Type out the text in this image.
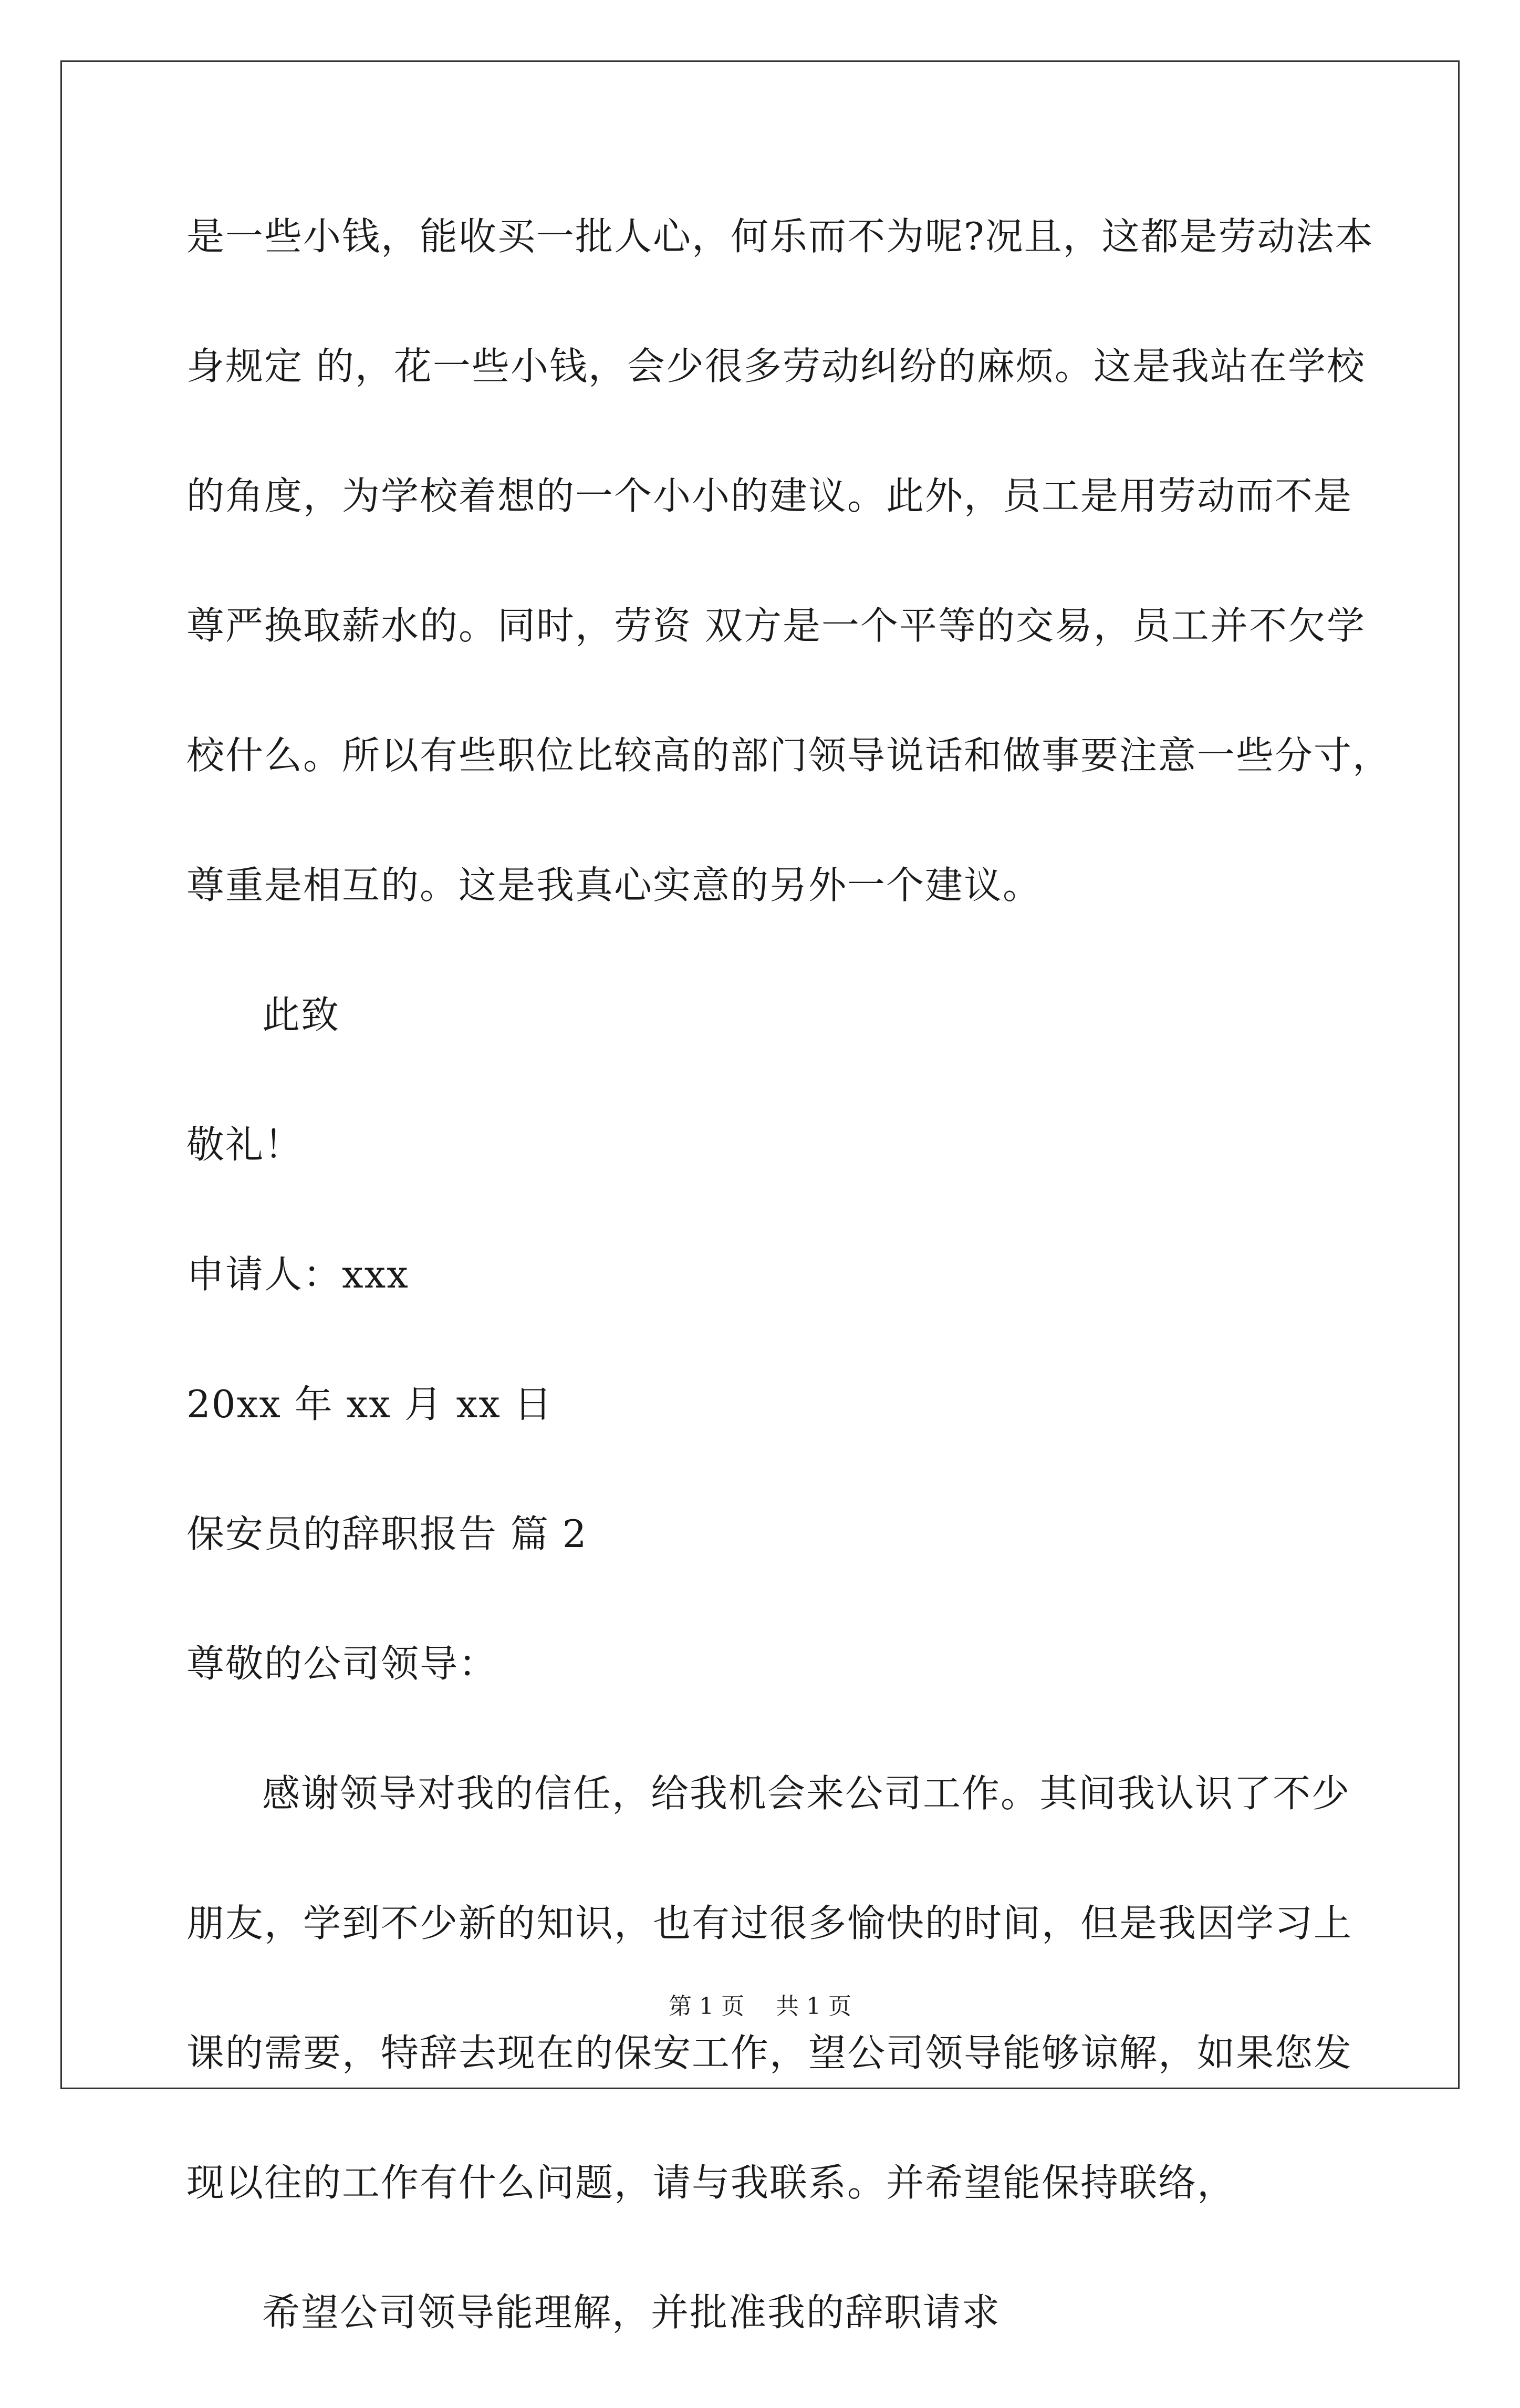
是一些小钱，能收买一批人心，何乐而不为呢?况且，这都是劳动法本
身规定 的，花一些小钱，会少很多劳动纠纷的麻烦。这是我站在学校
的角度，为学校着想的一个小小的建议。此外，员工是用劳动而不是
尊严换取薪水的。同时，劳资 双方是一个平等的交易，员工并不欠学
校什么。所以有些职位比较高的部门领导说话和做事要注意一些分寸，
尊重是相互的。这是我真心实意的另外一个建议。
此致
敬礼！
申请人：xxx
20xx 年 xx 月 xx 日
保安员的辞职报告 篇 2
尊敬的公司领导：
感谢领导对我的信任，给我机会来公司工作。其间我认识了不少
朋友，学到不少新的知识，也有过很多愉快的时间，但是我因学习上
课的需要，特辞去现在的保安工作，望公司领导能够谅解，如果您发
现以往的工作有什么问题，请与我联系。并希望能保持联络，
希望公司领导能理解，并批准我的辞职请求
第 1 页 共 1 页
